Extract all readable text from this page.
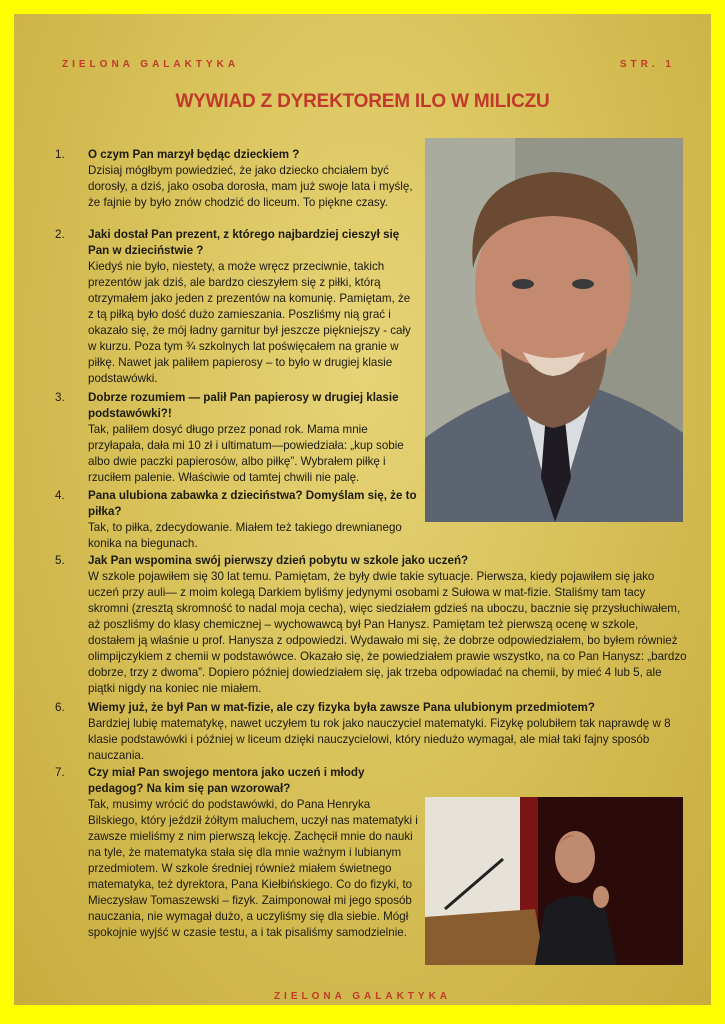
ZIELONA GALAKTYKA	STR. 1
WYWIAD Z DYREKTOREM ILO W MILICZU
1.	O czym Pan marzył będąc dzieckiem ?
Dzisiaj mógłbym powiedzieć, że jako dziecko chciałem być dorosły, a dziś, jako osoba dorosła, mam już swoje lata i myślę, że fajnie by było znów chodzić do liceum. To piękne czasy.
2.	Jaki dostał Pan prezent, z którego najbardziej cieszył się Pan w dzieciństwie ?
Kiedyś nie było, niestety, a może wręcz przeciwnie, takich prezentów jak dziś, ale bardzo cieszyłem się z piłki, którą otrzymałem jako jeden z prezentów na komunię. Pamiętam, że z tą piłką było dość dużo zamieszania. Poszliśmy nią grać i okazało się, że mój ładny garnitur był jeszcze piękniejszy - cały w kurzu. Poza tym ¾ szkolnych lat poświęcałem na granie w piłkę. Nawet jak paliłem papierosy – to było w drugiej klasie podstawówki.
3.	Dobrze rozumiem — palił Pan papierosy w drugiej klasie podstawówki?!
Tak, paliłem dosyć długo przez ponad rok. Mama mnie przyłapała, dała mi 10 zł i ultimatum—powiedziała: „kup sobie albo dwie paczki papierosów, albo piłkę”. Wybrałem piłkę i rzuciłem palenie. Właściwie od tamtej chwili nie palę.
4.	Pana ulubiona zabawka z dzieciństwa? Domyślam się, że to piłka?
Tak, to piłka, zdecydowanie. Miałem też takiego drewnianego konika na biegunach.
5.	Jak Pan wspomina swój pierwszy dzień pobytu w szkole jako uczeń?
W szkole pojawiłem się 30 lat temu. Pamiętam, że były dwie takie sytuacje. Pierwsza, kiedy pojawiłem się jako uczeń przy auli— z moim kolegą Darkiem byliśmy jedynymi osobami z Sułowa w mat-fizie. Staliśmy tam tacy skromni (zresztą skromność to nadal moja cecha), więc siedziałem gdzieś na uboczu, bacznie się przysłuchiwałem, aż poszliśmy do klasy chemicznej – wychowawcą był Pan Hanysz. Pamiętam też pierwszą ocenę w szkole, dostałem ją właśnie u prof. Hanysza z odpowiedzi. Wydawało mi się, że dobrze odpowiedziałem, bo byłem również olimpijczykiem z chemii w podstawówce. Okazało się, że powiedziałem prawie wszystko, na co Pan Hanysz: „bardzo dobrze, trzy z dwoma”. Dopiero później dowiedziałem się, jak trzeba odpowiadać na chemii, by mieć 4 lub 5, ale piątki nigdy na koniec nie miałem.
6.	Wiemy już, że był Pan w mat-fizie, ale czy fizyka była zawsze Pana ulubionym przedmiotem?
Bardziej lubię matematykę, nawet uczyłem tu rok jako nauczyciel matematyki. Fizykę polubiłem tak naprawdę w 8 klasie podstawówki i później w liceum dzięki nauczycielowi, który niedużo wymagał, ale miał taki fajny sposób nauczania.
7.	Czy miał Pan swojego mentora jako uczeń i młody pedagog? Na kim się pan wzorował?
Tak, musimy wrócić do podstawówki, do Pana Henryka Bilskiego, który jeździł żółtym maluchem, uczył nas matematyki i zawsze mieliśmy z nim pierwszą lekcję. Zachęcił mnie do nauki na tyle, że matematyka stała się dla mnie ważnym i lubianym przedmiotem. W szkole średniej również miałem świetnego matematyka, też dyrektora, Pana Kiełbińskiego. Co do fizyki, to Mieczysław Tomaszewski – fizyk. Zaimponował mi jego sposób nauczania, nie wymagał dużo, a uczyliśmy się dla siebie. Mógł spokojnie wyjść w czasie testu, a i tak pisaliśmy samodzielnie.
ZIELONA GALAKTYKA
